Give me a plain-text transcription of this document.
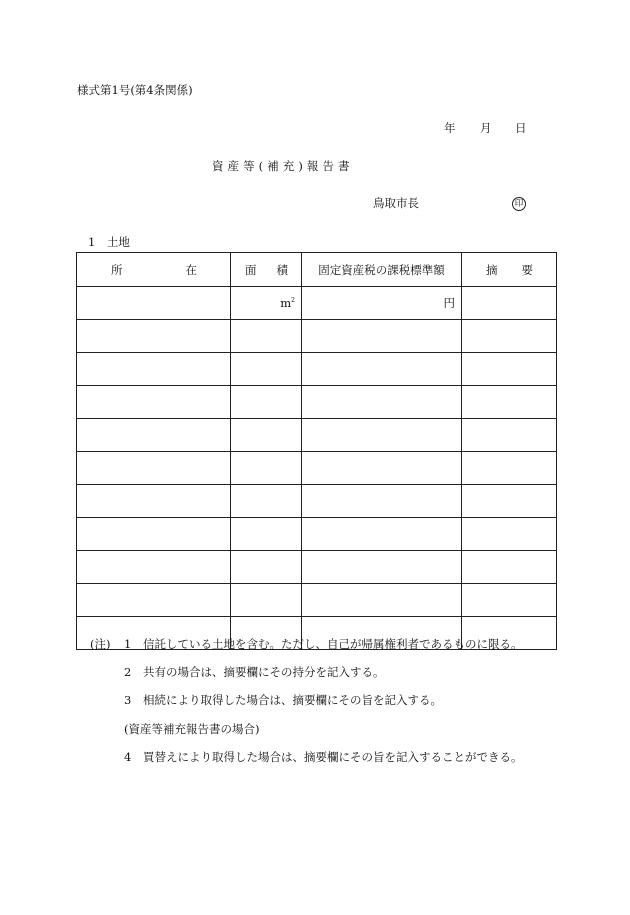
様式第1号(第4条関係)
年 月 日
資 産 等 ( 補 充 ) 報 告 書
鳥取市長	印
1　土地
所 在	面 積	固定資産税の課税標準額	摘 要

	$m^2$	円	

(注) 1 信託している土地を含む。ただし、自己が帰属権利者であるものに限る。
2 共有の場合は、摘要欄にその持分を記入する。
3 相続により取得した場合は、摘要欄にその旨を記入する。
(資産等補充報告書の場合)
4 買替えにより取得した場合は、摘要欄にその旨を記入することができる。
